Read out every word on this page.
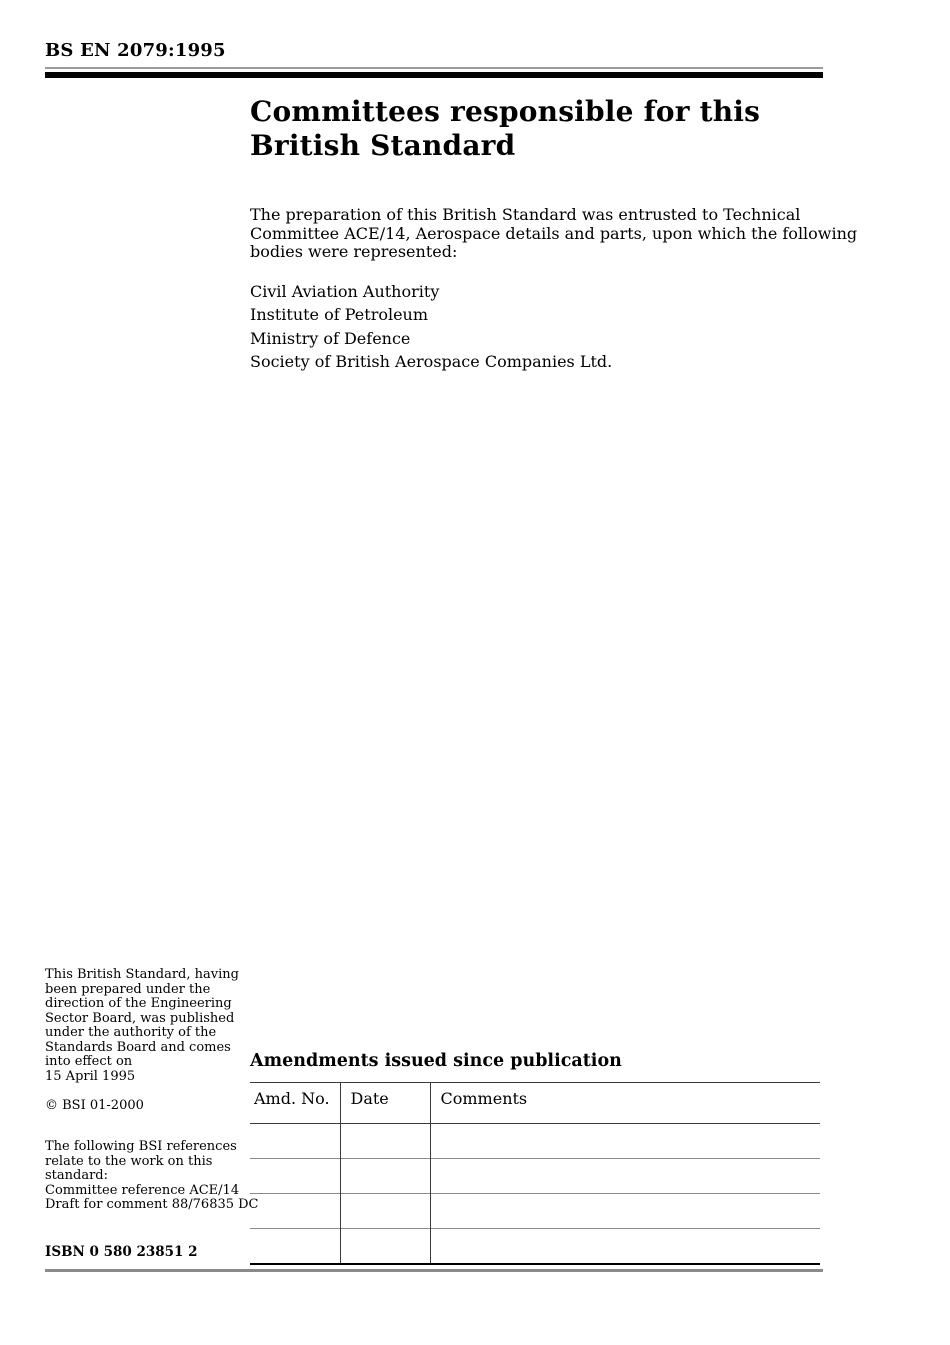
BS EN 2079:1995
Committees responsible for this British Standard
The preparation of this British Standard was entrusted to Technical
Committee ACE/14, Aerospace details and parts, upon which the following
bodies were represented:
Civil Aviation Authority
Institute of Petroleum
Ministry of Defence
Society of British Aerospace Companies Ltd.
This British Standard, having
been prepared under the
direction of the Engineering
Sector Board, was published
under the authority of the
Standards Board and comes
into effect on
15 April 1995
© BSI 01-2000
The following BSI references
relate to the work on this
standard:
Committee reference ACE/14
Draft for comment 88/76835 DC
ISBN 0 580 23851 2
Amendments issued since publication
Amd. No.	Date	Comments
